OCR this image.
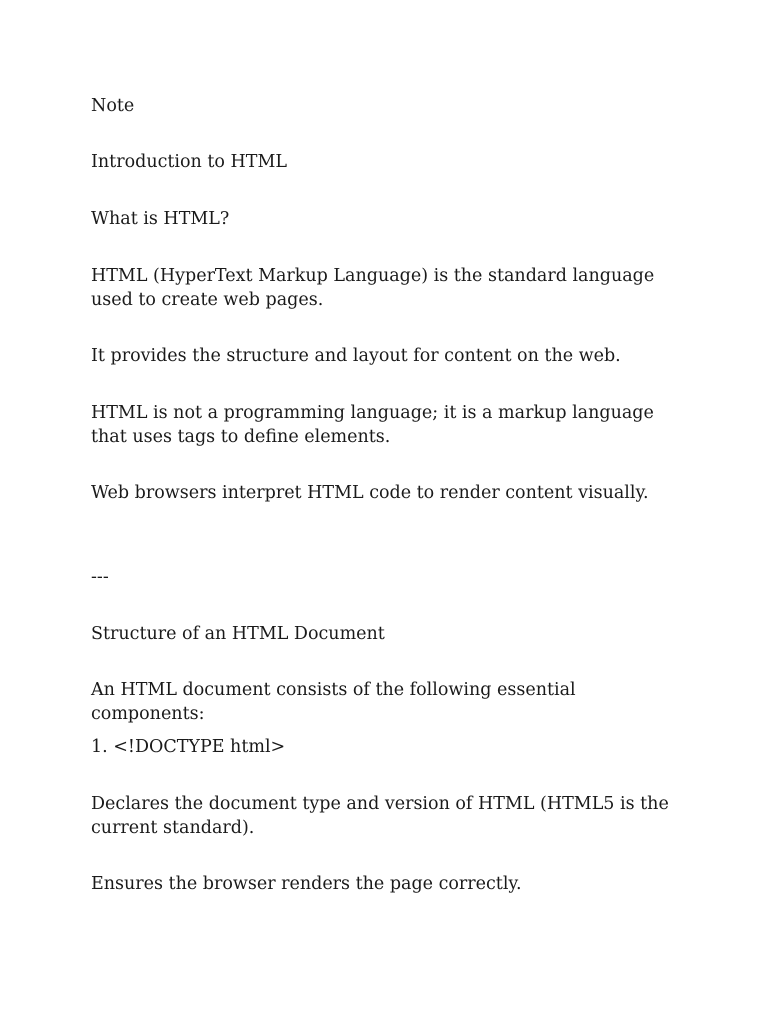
Note

Introduction to HTML

What is HTML?

HTML (HyperText Markup Language) is the standard language used to create web pages.

It provides the structure and layout for content on the web.

HTML is not a programming language; it is a markup language that uses tags to define elements.

Web browsers interpret HTML code to render content visually.

---

Structure of an HTML Document

An HTML document consists of the following essential components:

1. <!DOCTYPE html>

Declares the document type and version of HTML (HTML5 is the current standard).

Ensures the browser renders the page correctly.
